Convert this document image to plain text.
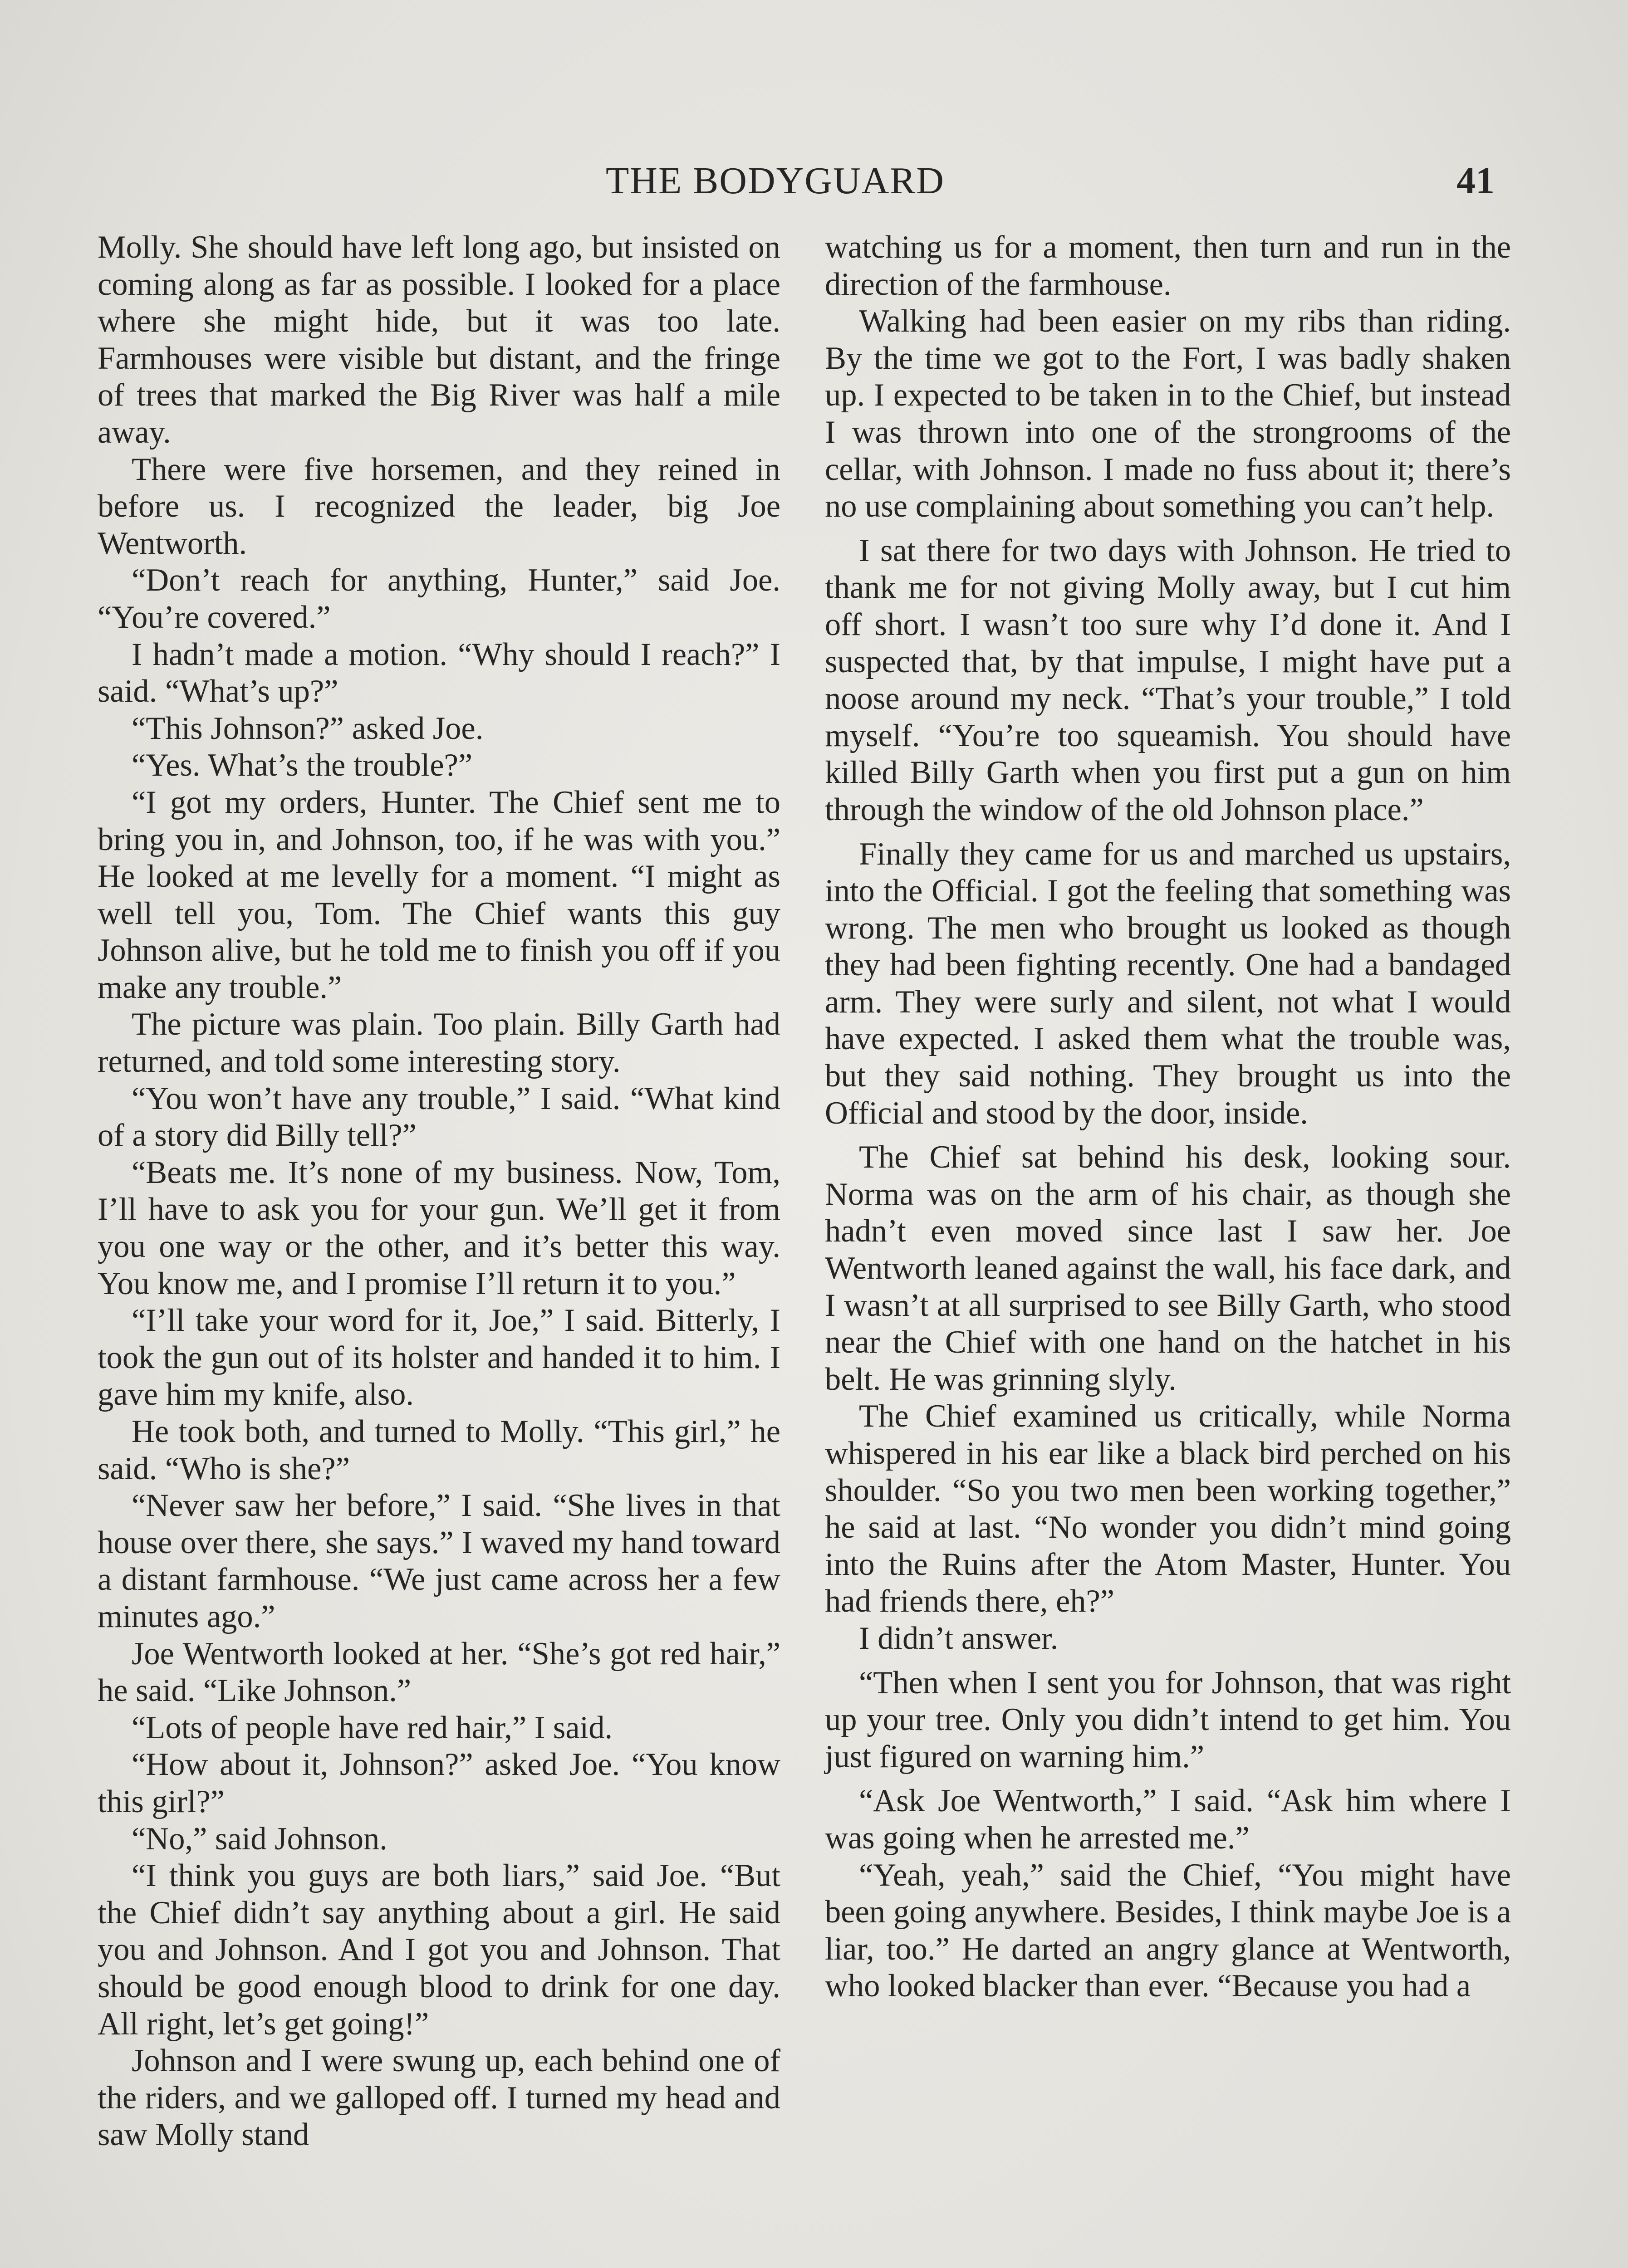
THE BODYGUARD	41

Molly. She should have left long ago, but insisted on coming along as far as possible. I looked for a place where she might hide, but it was too late. Farmhouses were visible but distant, and the fringe of trees that marked the Big River was half a mile away.

There were five horsemen, and they reined in before us. I recognized the leader, big Joe Wentworth.

“Don’t reach for anything, Hunter,” said Joe. “You’re covered.”

I hadn’t made a motion. “Why should I reach?” I said. “What’s up?”

“This Johnson?” asked Joe.

“Yes. What’s the trouble?”

“I got my orders, Hunter. The Chief sent me to bring you in, and Johnson, too, if he was with you.” He looked at me levelly for a moment. “I might as well tell you, Tom. The Chief wants this guy Johnson alive, but he told me to finish you off if you make any trouble.”

The picture was plain. Too plain. Billy Garth had returned, and told some interesting story.

“You won’t have any trouble,” I said. “What kind of a story did Billy tell?”

“Beats me. It’s none of my business. Now, Tom, I’ll have to ask you for your gun. We’ll get it from you one way or the other, and it’s better this way. You know me, and I promise I’ll return it to you.”

“I’ll take your word for it, Joe,” I said. Bitterly, I took the gun out of its holster and handed it to him. I gave him my knife, also.

He took both, and turned to Molly. “This girl,” he said. “Who is she?”

“Never saw her before,” I said. “She lives in that house over there, she says.” I waved my hand toward a distant farmhouse. “We just came across her a few minutes ago.”

Joe Wentworth looked at her. “She’s got red hair,” he said. “Like Johnson.”

“Lots of people have red hair,” I said.

“How about it, Johnson?” asked Joe. “You know this girl?”

“No,” said Johnson.

“I think you guys are both liars,” said Joe. “But the Chief didn’t say anything about a girl. He said you and Johnson. And I got you and Johnson. That should be good enough blood to drink for one day. All right, let’s get going!”

Johnson and I were swung up, each behind one of the riders, and we galloped off. I turned my head and saw Molly stand

watching us for a moment, then turn and run in the direction of the farmhouse.

Walking had been easier on my ribs than riding. By the time we got to the Fort, I was badly shaken up. I expected to be taken in to the Chief, but instead I was thrown into one of the strongrooms of the cellar, with Johnson. I made no fuss about it; there’s no use complaining about something you can’t help.

I sat there for two days with Johnson. He tried to thank me for not giving Molly away, but I cut him off short. I wasn’t too sure why I’d done it. And I suspected that, by that impulse, I might have put a noose around my neck. “That’s your trouble,” I told myself. “You’re too squeamish. You should have killed Billy Garth when you first put a gun on him through the window of the old Johnson place.”

Finally they came for us and marched us upstairs, into the Official. I got the feeling that something was wrong. The men who brought us looked as though they had been fighting recently. One had a bandaged arm. They were surly and silent, not what I would have expected. I asked them what the trouble was, but they said nothing. They brought us into the Official and stood by the door, inside.

The Chief sat behind his desk, looking sour. Norma was on the arm of his chair, as though she hadn’t even moved since last I saw her. Joe Wentworth leaned against the wall, his face dark, and I wasn’t at all surprised to see Billy Garth, who stood near the Chief with one hand on the hatchet in his belt. He was grinning slyly.

The Chief examined us critically, while Norma whispered in his ear like a black bird perched on his shoulder. “So you two men been working together,” he said at last. “No wonder you didn’t mind going into the Ruins after the Atom Master, Hunter. You had friends there, eh?”

I didn’t answer.

“Then when I sent you for Johnson, that was right up your tree. Only you didn’t intend to get him. You just figured on warning him.”

“Ask Joe Wentworth,” I said. “Ask him where I was going when he arrested me.”

“Yeah, yeah,” said the Chief, “You might have been going anywhere. Besides, I think maybe Joe is a liar, too.” He darted an angry glance at Wentworth, who looked blacker than ever. “Because you had a
